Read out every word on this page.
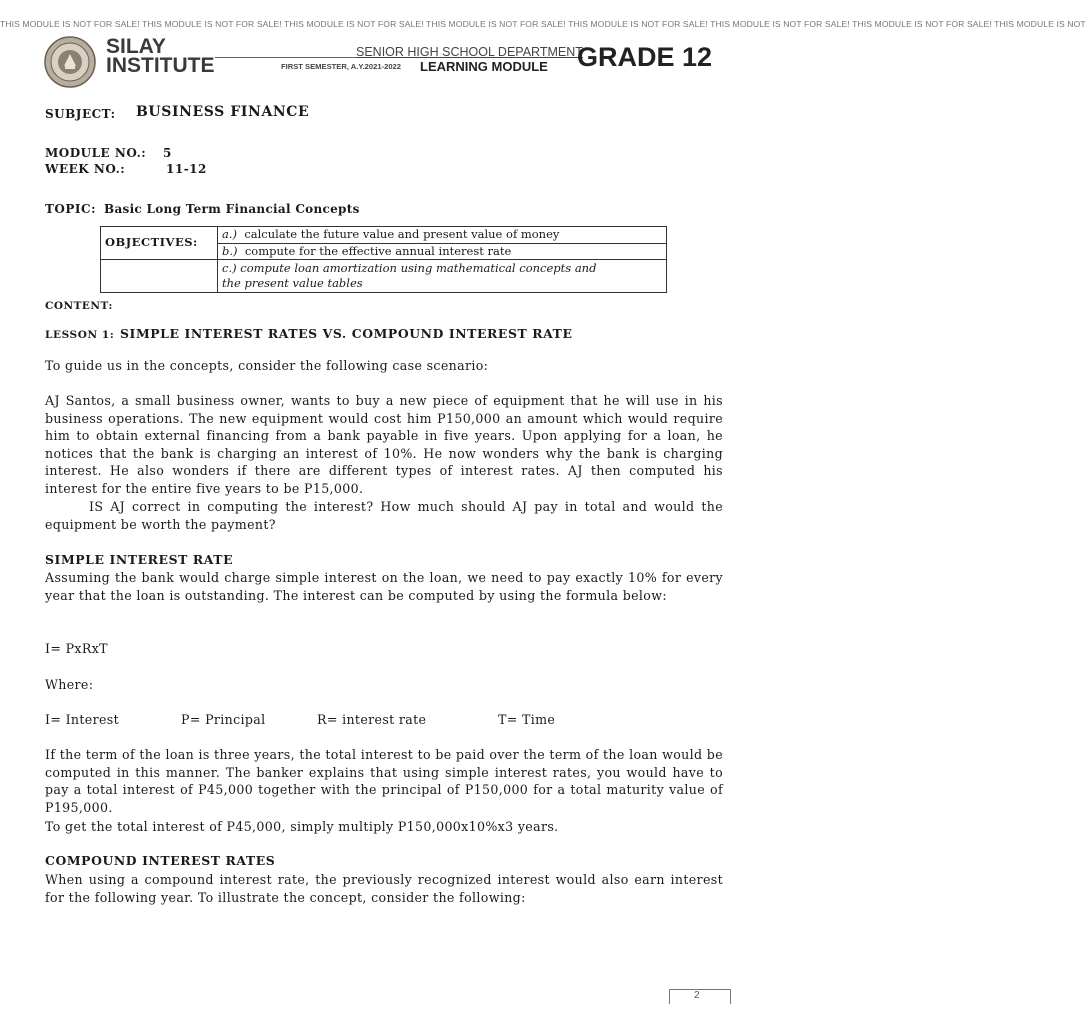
THIS MODULE IS NOT FOR SALE! THIS MODULE IS NOT FOR SALE! THIS MODULE IS NOT FOR SALE! THIS MODULE IS NOT FOR SALE! THIS MODULE IS NOT FOR SALE! THIS MODULE IS NOT FOR SALE! THIS MODULE IS NOT FOR SALE! THIS MODULE IS NOT
SILAY
INSTITUTE
SENIOR HIGH SCHOOL DEPARTMENT
FIRST SEMESTER, A.Y.2021-2022 LEARNING MODULE GRADE 12
SUBJECT: BUSINESS FINANCE
MODULE NO.: 5
WEEK NO.:	11-12
TOPIC: Basic Long Term Financial Concepts
OBJECTIVES:	a.) calculate the future value and present value of money
	b.) compute for the effective annual interest rate
	c.) compute loan amortization using mathematical concepts and
the present value tables
CONTENT:
LESSON 1: SIMPLE INTEREST RATES VS. COMPOUND INTEREST RATE
To guide us in the concepts, consider the following case scenario:
AJ Santos, a small business owner, wants to buy a new piece of equipment that he will use in his business operations. The new equipment would cost him P150,000 an amount which would require him to obtain external financing from a bank payable in five years. Upon applying for a loan, he notices that the bank is charging an interest of 10%. He now wonders why the bank is charging interest. He also wonders if there are different types of interest rates. AJ then computed his interest for the entire five years to be P15,000.
IS AJ correct in computing the interest? How much should AJ pay in total and would the equipment be worth the payment?
SIMPLE INTEREST RATE
Assuming the bank would charge simple interest on the loan, we need to pay exactly 10% for every year that the loan is outstanding. The interest can be computed by using the formula below:
I= PxRxT
Where:
I= Interest	P= Principal	R= interest rate	T= Time
If the term of the loan is three years, the total interest to be paid over the term of the loan would be computed in this manner. The banker explains that using simple interest rates, you would have to pay a total interest of P45,000 together with the principal of P150,000 for a total maturity value of P195,000.
To get the total interest of P45,000, simply multiply P150,000x10%x3 years.
COMPOUND INTEREST RATES
When using a compound interest rate, the previously recognized interest would also earn interest for the following year. To illustrate the concept, consider the following:
2
